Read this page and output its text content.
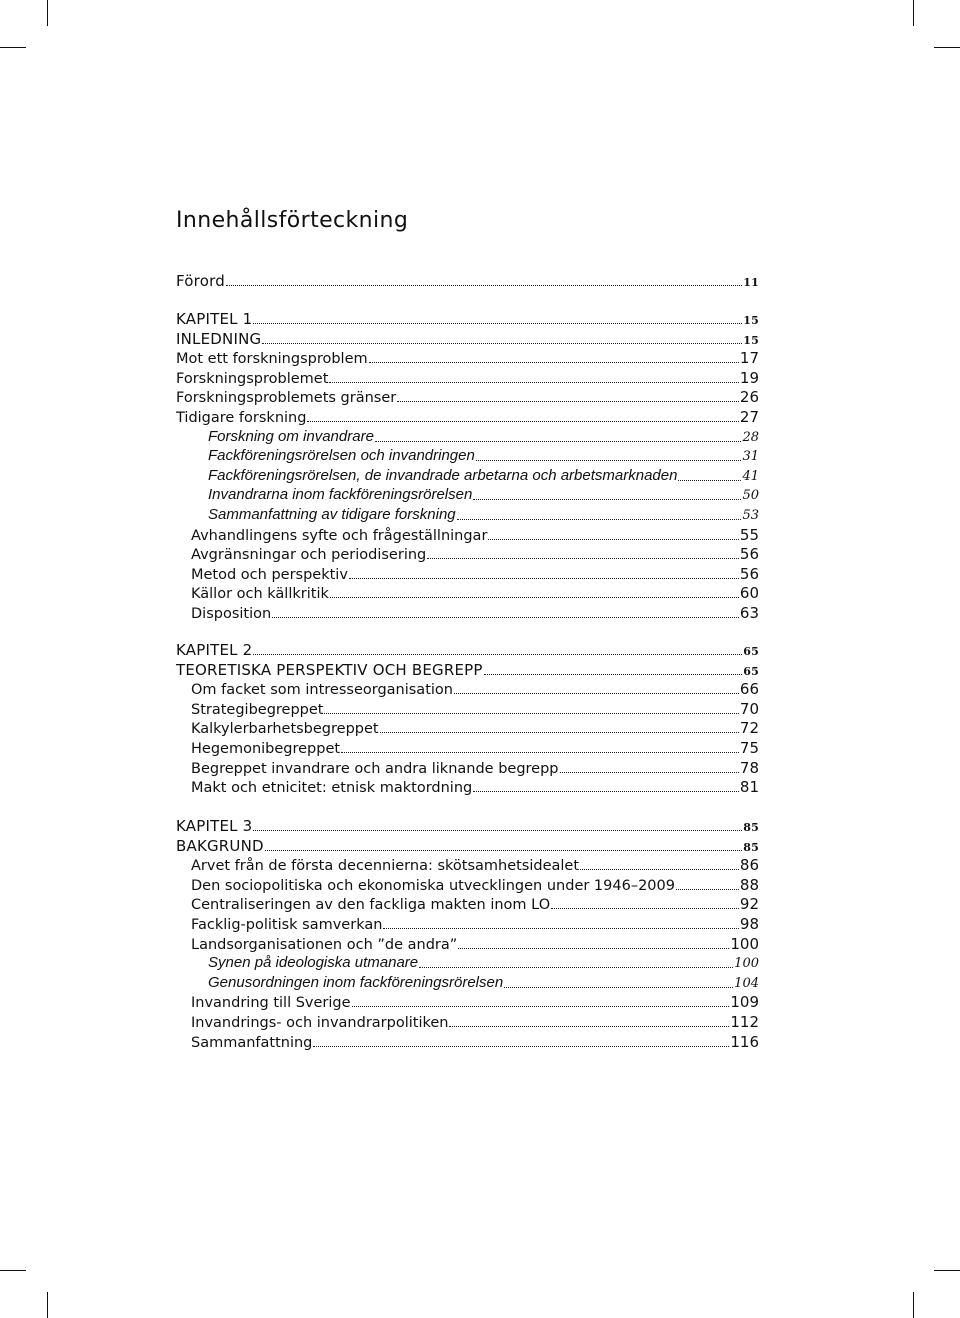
Innehållsförteckning
Förord	11
KAPITEL 1	15
INLEDNING	15
Mot ett forskningsproblem	17
Forskningsproblemet	19
Forskningsproblemets gränser	26
Tidigare forskning	27
Forskning om invandrare	28
Fackföreningsrörelsen och invandringen	31
Fackföreningsrörelsen, de invandrade arbetarna och arbetsmarknaden	41
Invandrarna inom fackföreningsrörelsen	50
Sammanfattning av tidigare forskning	53
Avhandlingens syfte och frågeställningar	55
Avgränsningar och periodisering	56
Metod och perspektiv	56
Källor och källkritik	60
Disposition	63
KAPITEL 2	65
TEORETISKA PERSPEKTIV OCH BEGREPP	65
Om facket som intresseorganisation	66
Strategibegreppet	70
Kalkylerbarhetsbegreppet	72
Hegemonibegreppet	75
Begreppet invandrare och andra liknande begrepp	78
Makt och etnicitet: etnisk maktordning	81
KAPITEL 3	85
BAKGRUND	85
Arvet från de första decennierna: skötsamhetsidealet	86
Den sociopolitiska och ekonomiska utvecklingen under 1946–2009	88
Centraliseringen av den fackliga makten inom LO	92
Facklig-politisk samverkan	98
Landsorganisationen och ”de andra”	100
Synen på ideologiska utmanare	100
Genusordningen inom fackföreningsrörelsen	104
Invandring till Sverige	109
Invandrings- och invandrarpolitiken	112
Sammanfattning	116
